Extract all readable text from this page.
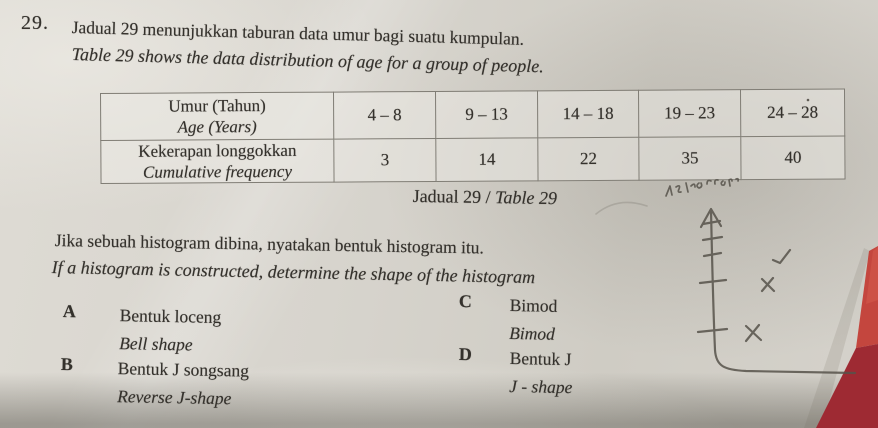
29. Jadual 29 menunjukkan taburan data umur bagi suatu kumpulan.
Table 29 shows the data distribution of age for a group of people.
Umur (Tahun)
Age (Years)	4 – 8	9 – 13	14 – 18	19 – 23	24 – 28

Kekerapan longgokkan
Cumulative frequency	3	14	22	35	40
Jadual 29 / Table 29
Jika sebuah histogram dibina, nyatakan bentuk histogram itu.
If a histogram is constructed, determine the shape of the histogram
A	Bentuk loceng
Bell shape
B	Bentuk J songsang
Reverse J-shape
C	Bimod
Bimod
D	Bentuk J
J - shape
